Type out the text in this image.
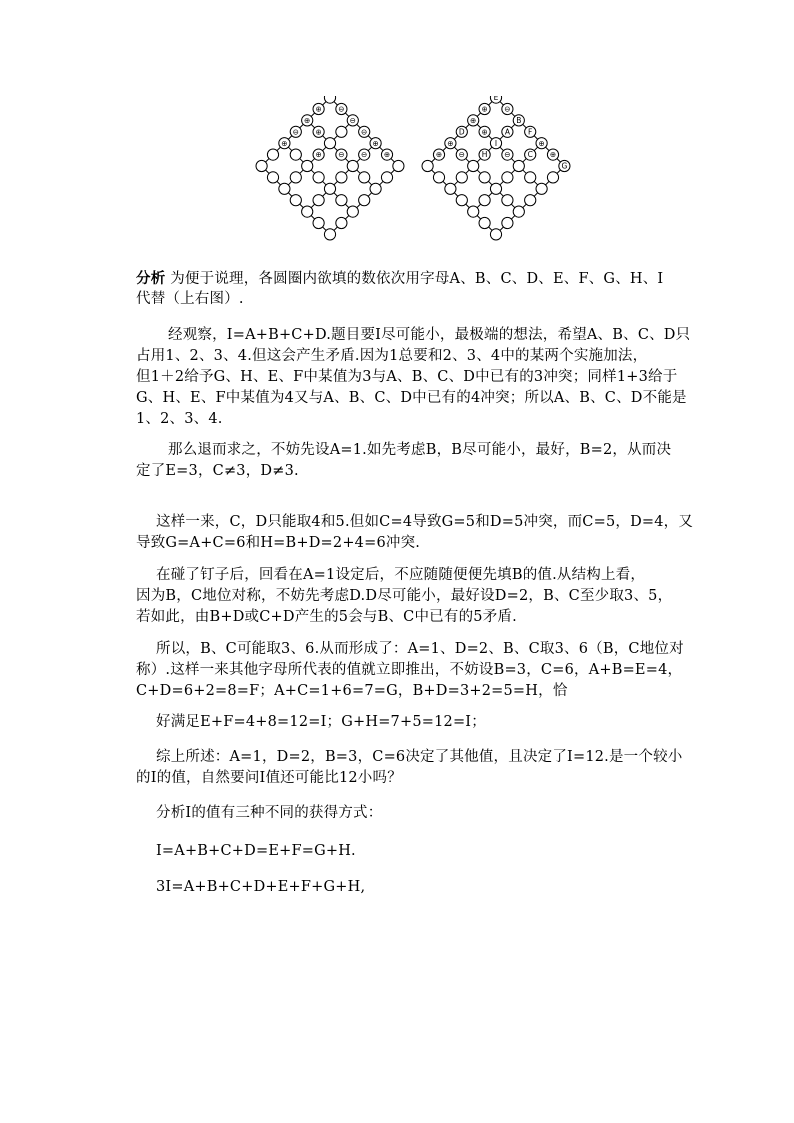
⊖
⊕
⊖
⊕
⊖
⊕
⊖
⊕
⊕
⊕
⊖
⊖
⊕
E
⊖
⊕
B
⊕
F
A
⊕
D
⊕
I
⊕
⊕
C
⊖
H
⊖
⊕
G
分析 为便于说理，各圆圈内欲填的数依次用字母A、B、C、D、E、F、G、H、I
代替（上右图）.
经观察，I=A+B+C+D.题目要I尽可能小，最极端的想法，希望A、B、C、D只
占用1、2、3、4.但这会产生矛盾.因为1总要和2、3、4中的某两个实施加法，
但1＋2给予G、H、E、F中某值为3与A、B、C、D中已有的3冲突；同样1+3给于
G、H、E、F中某值为4又与A、B、C、D中已有的4冲突；所以A、B、C、D不能是
1、2、3、4.
那么退而求之，不妨先设A=1.如先考虑B，B尽可能小，最好，B=2，从而决
定了E=3，C≠3，D≠3.
这样一来，C，D只能取4和5.但如C=4导致G=5和D=5冲突，而C=5，D=4，又
导致G=A+C=6和H=B+D=2+4=6冲突.
在碰了钉子后，回看在A=1设定后，不应随随便便先填B的值.从结构上看，
因为B，C地位对称，不妨先考虑D.D尽可能小，最好设D=2，B、C至少取3、5，
若如此，由B+D或C+D产生的5会与B、C中已有的5矛盾.
所以，B、C可能取3、6.从而形成了：A=1、D=2、B、C取3、6（B，C地位对
称）.这样一来其他字母所代表的值就立即推出，不妨设B=3，C=6，A+B=E=4，
C+D=6+2=8=F；A+C=1+6=7=G，B+D=3+2=5=H，恰
好满足E+F=4+8=12=I；G+H=7+5=12=I；
综上所述：A=1，D=2，B=3，C=6决定了其他值，且决定了I=12.是一个较小
的I的值，自然要问I值还可能比12小吗？
分析I的值有三种不同的获得方式：
I=A+B+C+D=E+F=G+H.
3I=A+B+C+D+E+F+G+H,
